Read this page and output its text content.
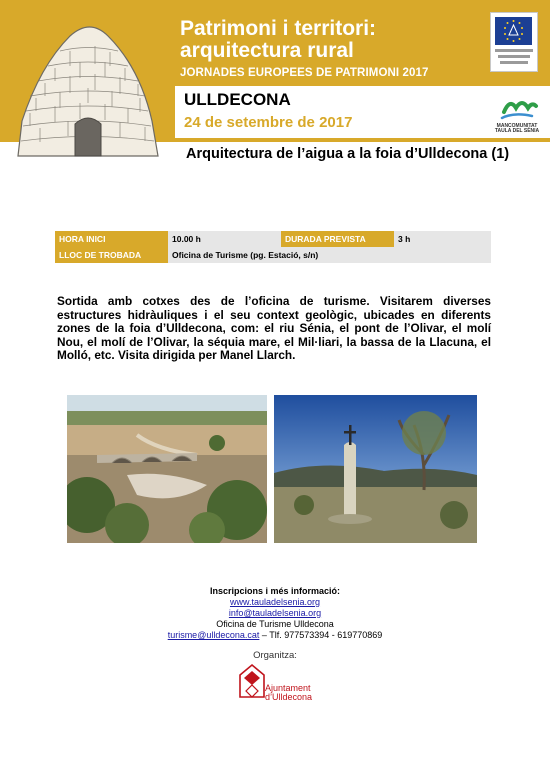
Patrimoni i territori:
arquitectura rural
JORNADES EUROPEES DE PATRIMONI 2017
ULLDECONA
24 de setembre de 2017
Arquitectura de l’aigua a la foia d’Ulldecona (1)
MANCOMUNITAT
TAULA DEL SÈNIA
HORA INICI	10.00 h	DURADA PREVISTA	3 h
LLOC DE TROBADA	Oficina de Turisme (pg. Estació, s/n)		
Sortida amb cotxes des de l’oficina de turisme. Visitarem diverses estructures hidràuliques i el seu context geològic, ubicades en diferents zones de la foia d’Ulldecona, com: el riu Sénia, el pont de l’Olivar, el molí Nou, el molí de l’Olivar, la séquia mare, el Mil·liari, la bassa de la Llacuna, el Molló, etc. Visita dirigida per Manel Llarch.
Inscripcions i més informació:
www.tauladelsenia.org
info@tauladelsenia.org
Oficina de Turisme Ulldecona
turisme@ulldecona.cat – Tlf. 977573394 - 619770869
Organitza:
Ajuntament
d’Ulldecona
